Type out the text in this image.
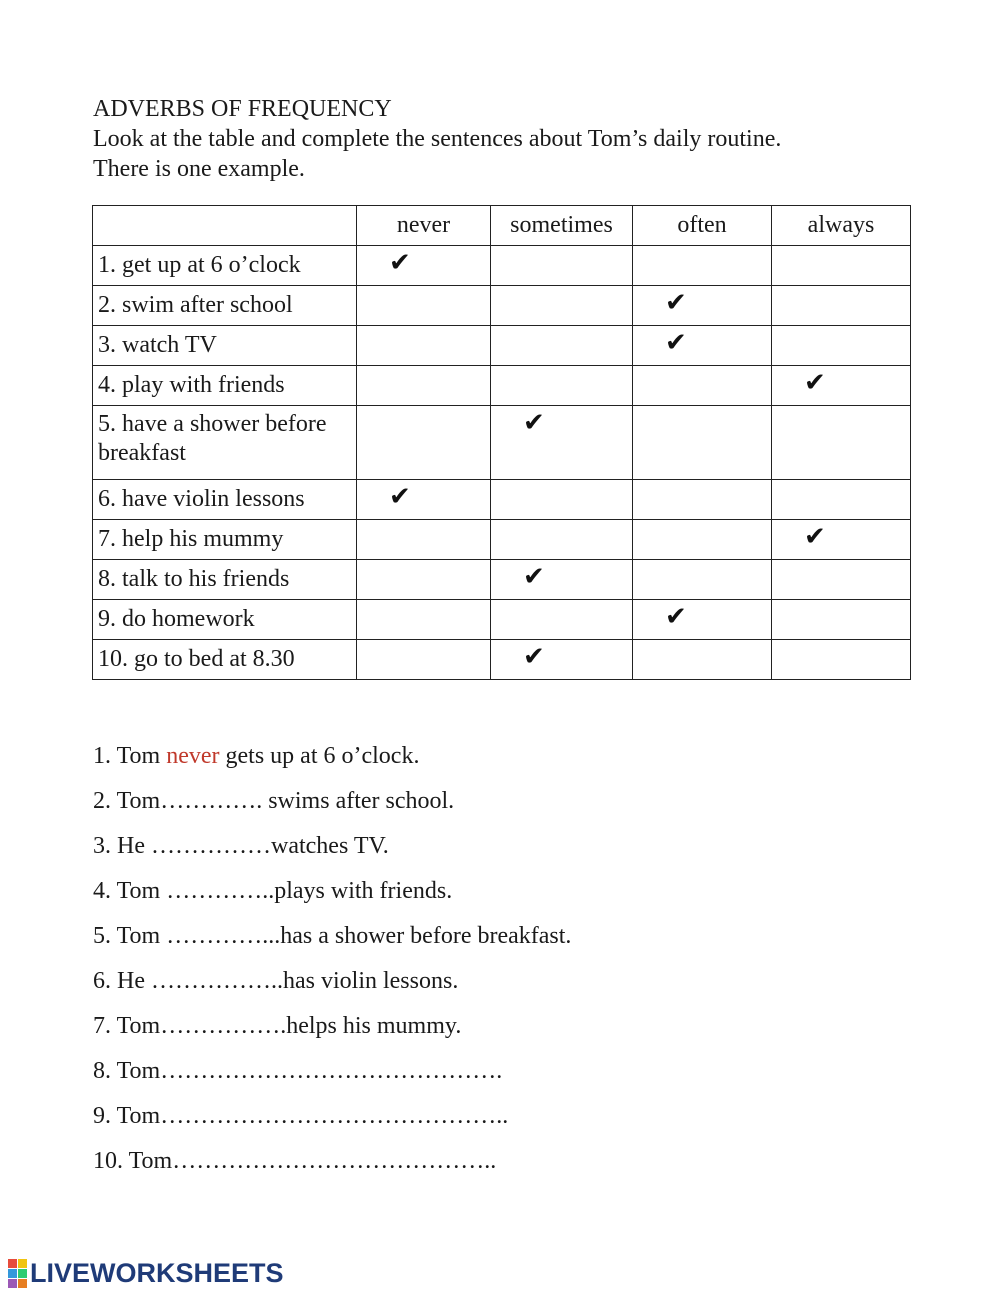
ADVERBS OF FREQUENCY
Look at the table and complete the sentences about Tom’s daily routine.
There is one example.
	never	sometimes	often	always
1. get up at 6 o’clock	✔			

2. swim after school			✔	

3. watch TV			✔	

4. play with friends				✔

5. have a shower before breakfast		✔		

6. have violin lessons	✔			

7. help his mummy				✔

8. talk to his friends		✔		

9. do homework			✔	

10. go to bed at 8.30		✔		

1. Tom never gets up at 6 o’clock.
2. Tom…………. swims after school.
3. He ……………watches TV.
4. Tom …………..plays with friends.
5. Tom …………...has a shower before breakfast.
6. He ……………..has violin lessons.
7. Tom…………….helps his mummy.
8. Tom…………………………………….
9. Tom……………………………………..
10. Tom…………………………………..
LIVEWORKSHEETS
